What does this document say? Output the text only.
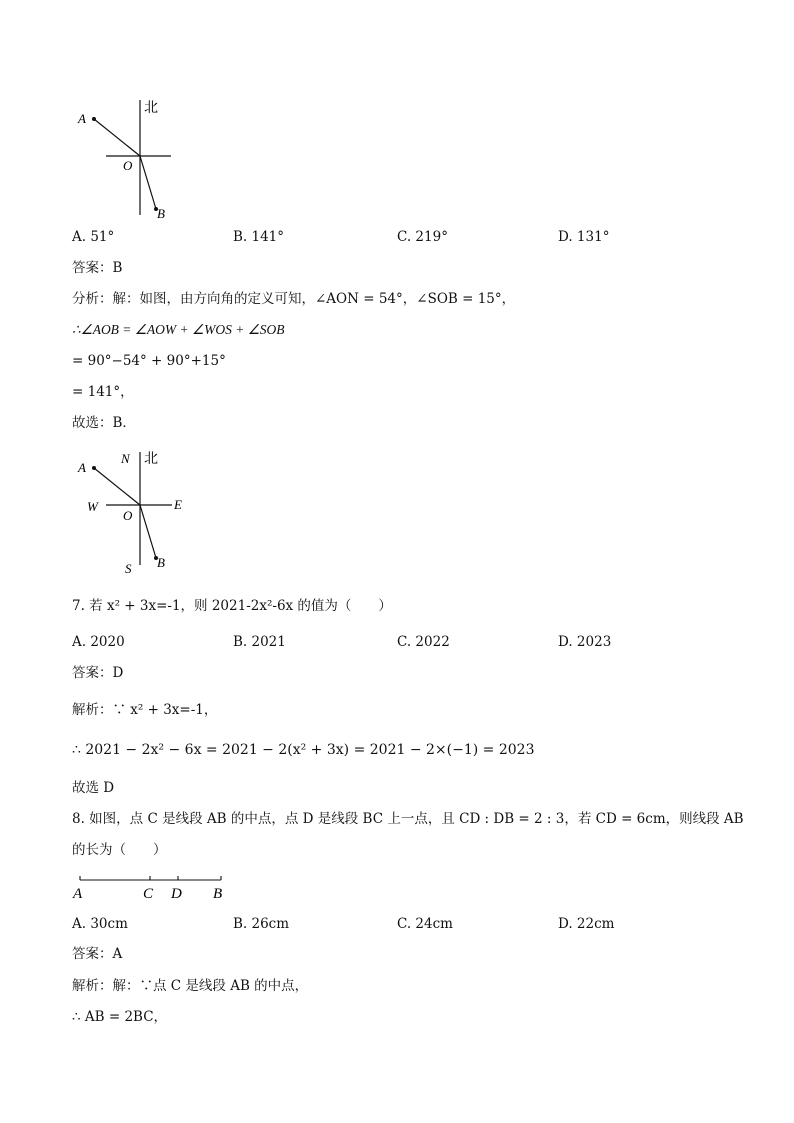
北
A
O
B
A. 51°	B. 141°	C. 219°	D. 131°
答案：B
分析：解：如图，由方向角的定义可知，∠AON = 54°，∠SOB = 15°，
∴∠AOB = ∠AOW + ∠WOS + ∠SOB
= 90°−54° + 90°+15°
= 141°，
故选：B．
N 北
A
W
O
E
S B
7. 若 x² + 3x=-1，则 2021-2x²-6x 的值为（　　）
A. 2020	B. 2021	C. 2022	D. 2023
答案：D
解析：∵ x² + 3x=-1，
∴ 2021 − 2x² − 6x = 2021 − 2(x² + 3x) = 2021 − 2×(−1) = 2023
故选 D
8. 如图，点 C 是线段 AB 的中点，点 D 是线段 BC 上一点，且 CD : DB = 2 : 3，若 CD = 6cm，则线段 AB
的长为（　　）
A	C D B
A. 30cm	B. 26cm	C. 24cm	D. 22cm
答案：A
解析：解：∵点 C 是线段 AB 的中点，
∴ AB = 2BC，
